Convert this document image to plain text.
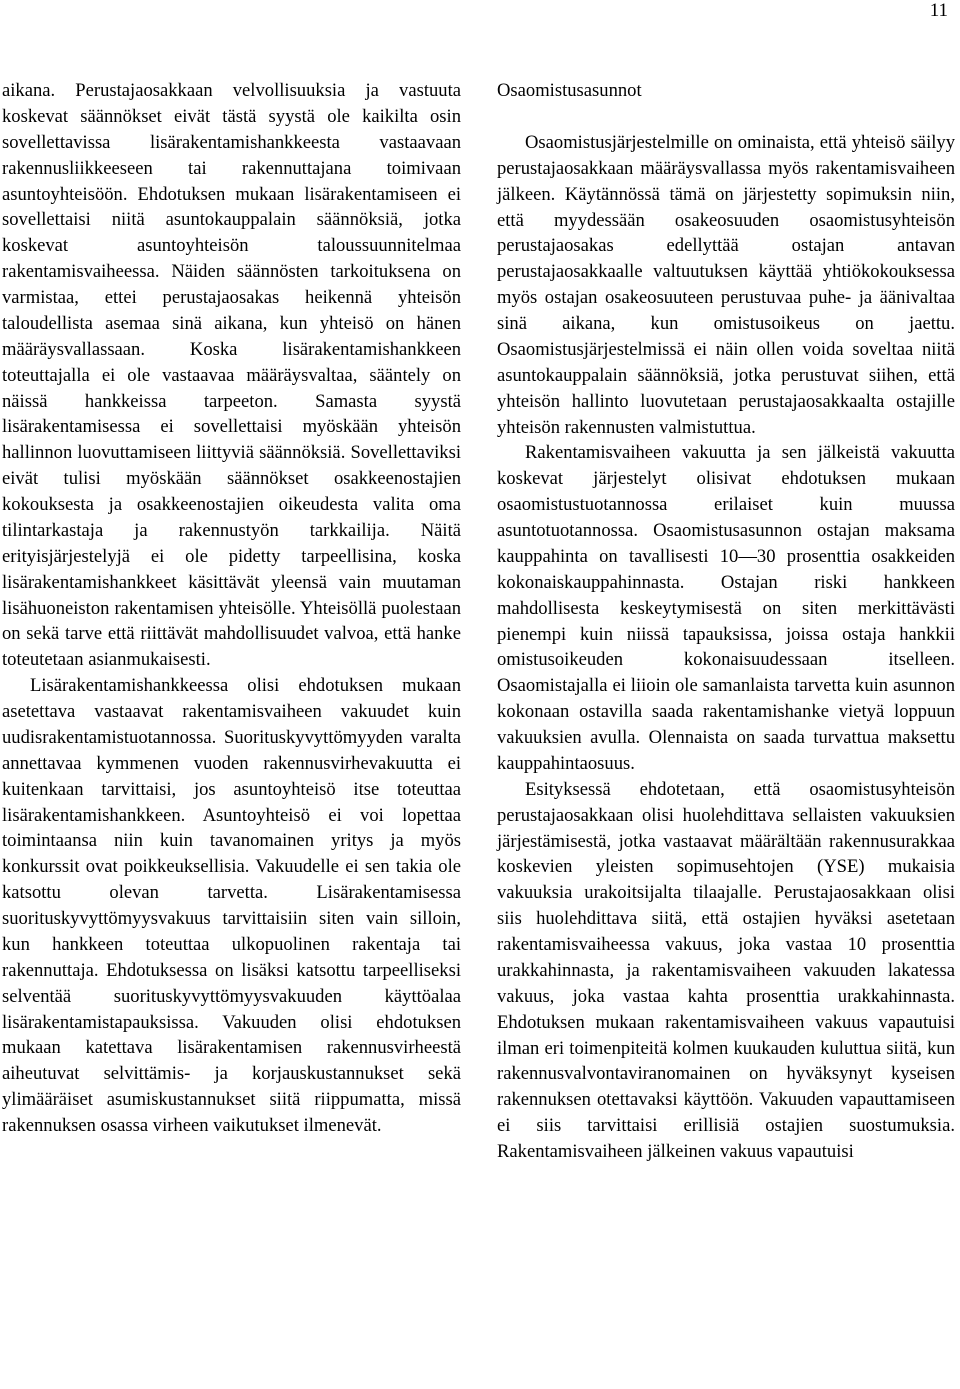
11

aikana. Perustajaosakkaan velvollisuuksia ja vastuuta koskevat säännökset eivät tästä syystä ole kaikilta osin sovellettavissa lisärakentamishankkeesta vastaavaan rakennusliikkeeseen tai rakennuttajana toimivaan asuntoyhteisöön. Ehdotuksen mukaan lisärakentamiseen ei sovellettaisi niitä asuntokauppalain säännöksiä, jotka koskevat asuntoyhteisön taloussuunnitelmaa rakentamisvaiheessa. Näiden säännösten tarkoituksena on varmistaa, ettei perustajaosakas heikennä yhteisön taloudellista asemaa sinä aikana, kun yhteisö on hänen määräysvallassaan. Koska lisärakentamishankkeen toteuttajalla ei ole vastaavaa määräysvaltaa, sääntely on näissä hankkeissa tarpeeton. Samasta syystä lisärakentamisessa ei sovellettaisi myöskään yhteisön hallinnon luovuttamiseen liittyviä säännöksiä. Sovellettaviksi eivät tulisi myöskään säännökset osakkeenostajien kokouksesta ja osakkeenostajien oikeudesta valita oma tilintarkastaja ja rakennustyön tarkkailija. Näitä erityisjärjestelyjä ei ole pidetty tarpeellisina, koska lisärakentamishankkeet käsittävät yleensä vain muutaman lisähuoneiston rakentamisen yhteisölle. Yhteisöllä puolestaan on sekä tarve että riittävät mahdollisuudet valvoa, että hanke toteutetaan asianmukaisesti.

Lisärakentamishankkeessa olisi ehdotuksen mukaan asetettava vastaavat rakentamisvaiheen vakuudet kuin uudisrakentamistuotannossa. Suorituskyvyttömyyden varalta annettavaa kymmenen vuoden rakennusvirhevakuutta ei kuitenkaan tarvittaisi, jos asuntoyhteisö itse toteuttaa lisärakentamishankkeen. Asuntoyhteisö ei voi lopettaa toimintaansa niin kuin tavanomainen yritys ja myös konkurssit ovat poikkeuksellisia. Vakuudelle ei sen takia ole katsottu olevan tarvetta. Lisärakentamisessa suorituskyvyttömyysvakuus tarvittaisiin siten vain silloin, kun hankkeen toteuttaa ulkopuolinen rakentaja tai rakennuttaja. Ehdotuksessa on lisäksi katsottu tarpeelliseksi selventää suorituskyvyttömyysvakuuden käyttöalaa lisärakentamistapauksissa. Vakuuden olisi ehdotuksen mukaan katettava lisärakentamisen rakennusvirheestä aiheutuvat selvittämis- ja korjauskustannukset sekä ylimääräiset asumiskustannukset siitä riippumatta, missä rakennuksen osassa virheen vaikutukset ilmenevät.

Osaomistusasunnot

Osaomistusjärjestelmille on ominaista, että yhteisö säilyy perustajaosakkaan määräysvallassa myös rakentamisvaiheen jälkeen. Käytännössä tämä on järjestetty sopimuksin niin, että myydessään osakeosuuden osaomistusyhteisön perustajaosakas edellyttää ostajan antavan perustajaosakkaalle valtuutuksen käyttää yhtiökokouksessa myös ostajan osakeosuuteen perustuvaa puhe- ja äänivaltaa sinä aikana, kun omistusoikeus on jaettu. Osaomistusjärjestelmissä ei näin ollen voida soveltaa niitä asuntokauppalain säännöksiä, jotka perustuvat siihen, että yhteisön hallinto luovutetaan perustajaosakkaalta ostajille yhteisön rakennusten valmistuttua.

Rakentamisvaiheen vakuutta ja sen jälkeistä vakuutta koskevat järjestelyt olisivat ehdotuksen mukaan osaomistustuotannossa erilaiset kuin muussa asuntotuotannossa. Osaomistusasunnon ostajan maksama kauppahinta on tavallisesti 10—30 prosenttia osakkeiden kokonaiskauppahinnasta. Ostajan riski hankkeen mahdollisesta keskeytymisestä on siten merkittävästi pienempi kuin niissä tapauksissa, joissa ostaja hankkii omistusoikeuden kokonaisuudessaan itselleen. Osaomistajalla ei liioin ole samanlaista tarvetta kuin asunnon kokonaan ostavilla saada rakentamishanke vietyä loppuun vakuuksien avulla. Olennaista on saada turvattua maksettu kauppahintaosuus.

Esityksessä ehdotetaan, että osaomistusyhteisön perustajaosakkaan olisi huolehdittava sellaisten vakuuksien järjestämisestä, jotka vastaavat määrältään rakennusurakkaa koskevien yleisten sopimusehtojen (YSE) mukaisia vakuuksia urakoitsijalta tilaajalle. Perustajaosakkaan olisi siis huolehdittava siitä, että ostajien hyväksi asetetaan rakentamisvaiheessa vakuus, joka vastaa 10 prosenttia urakkahinnasta, ja rakentamisvaiheen vakuuden lakatessa vakuus, joka vastaa kahta prosenttia urakkahinnasta. Ehdotuksen mukaan rakentamisvaiheen vakuus vapautuisi ilman eri toimenpiteitä kolmen kuukauden kuluttua siitä, kun rakennusvalvontaviranomainen on hyväksynyt kyseisen rakennuksen otettavaksi käyttöön. Vakuuden vapauttamiseen ei siis tarvittaisi erillisiä ostajien suostumuksia. Rakentamisvaiheen jälkeinen vakuus vapautuisi
